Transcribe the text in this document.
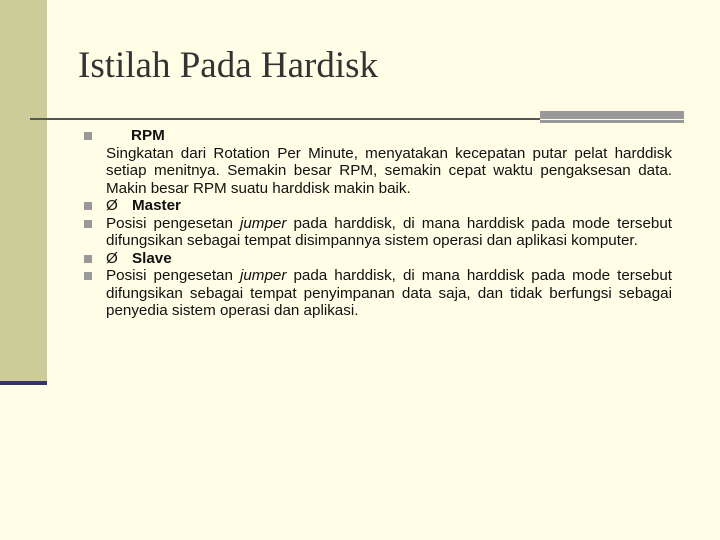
Istilah Pada Hardisk
RPM
Singkatan dari Rotation Per Minute, menyatakan kecepatan putar pelat harddisk setiap menitnya. Semakin besar RPM, semakin cepat waktu pengaksesan data. Makin besar RPM suatu harddisk makin baik.
Ø Master
Posisi pengesetan jumper pada harddisk, di mana harddisk pada mode tersebut difungsikan sebagai tempat disimpannya sistem operasi dan aplikasi komputer.
Ø Slave
Posisi pengesetan jumper pada harddisk, di mana harddisk pada mode tersebut difungsikan sebagai tempat penyimpanan data saja, dan tidak berfungsi sebagai penyedia sistem operasi dan aplikasi.
